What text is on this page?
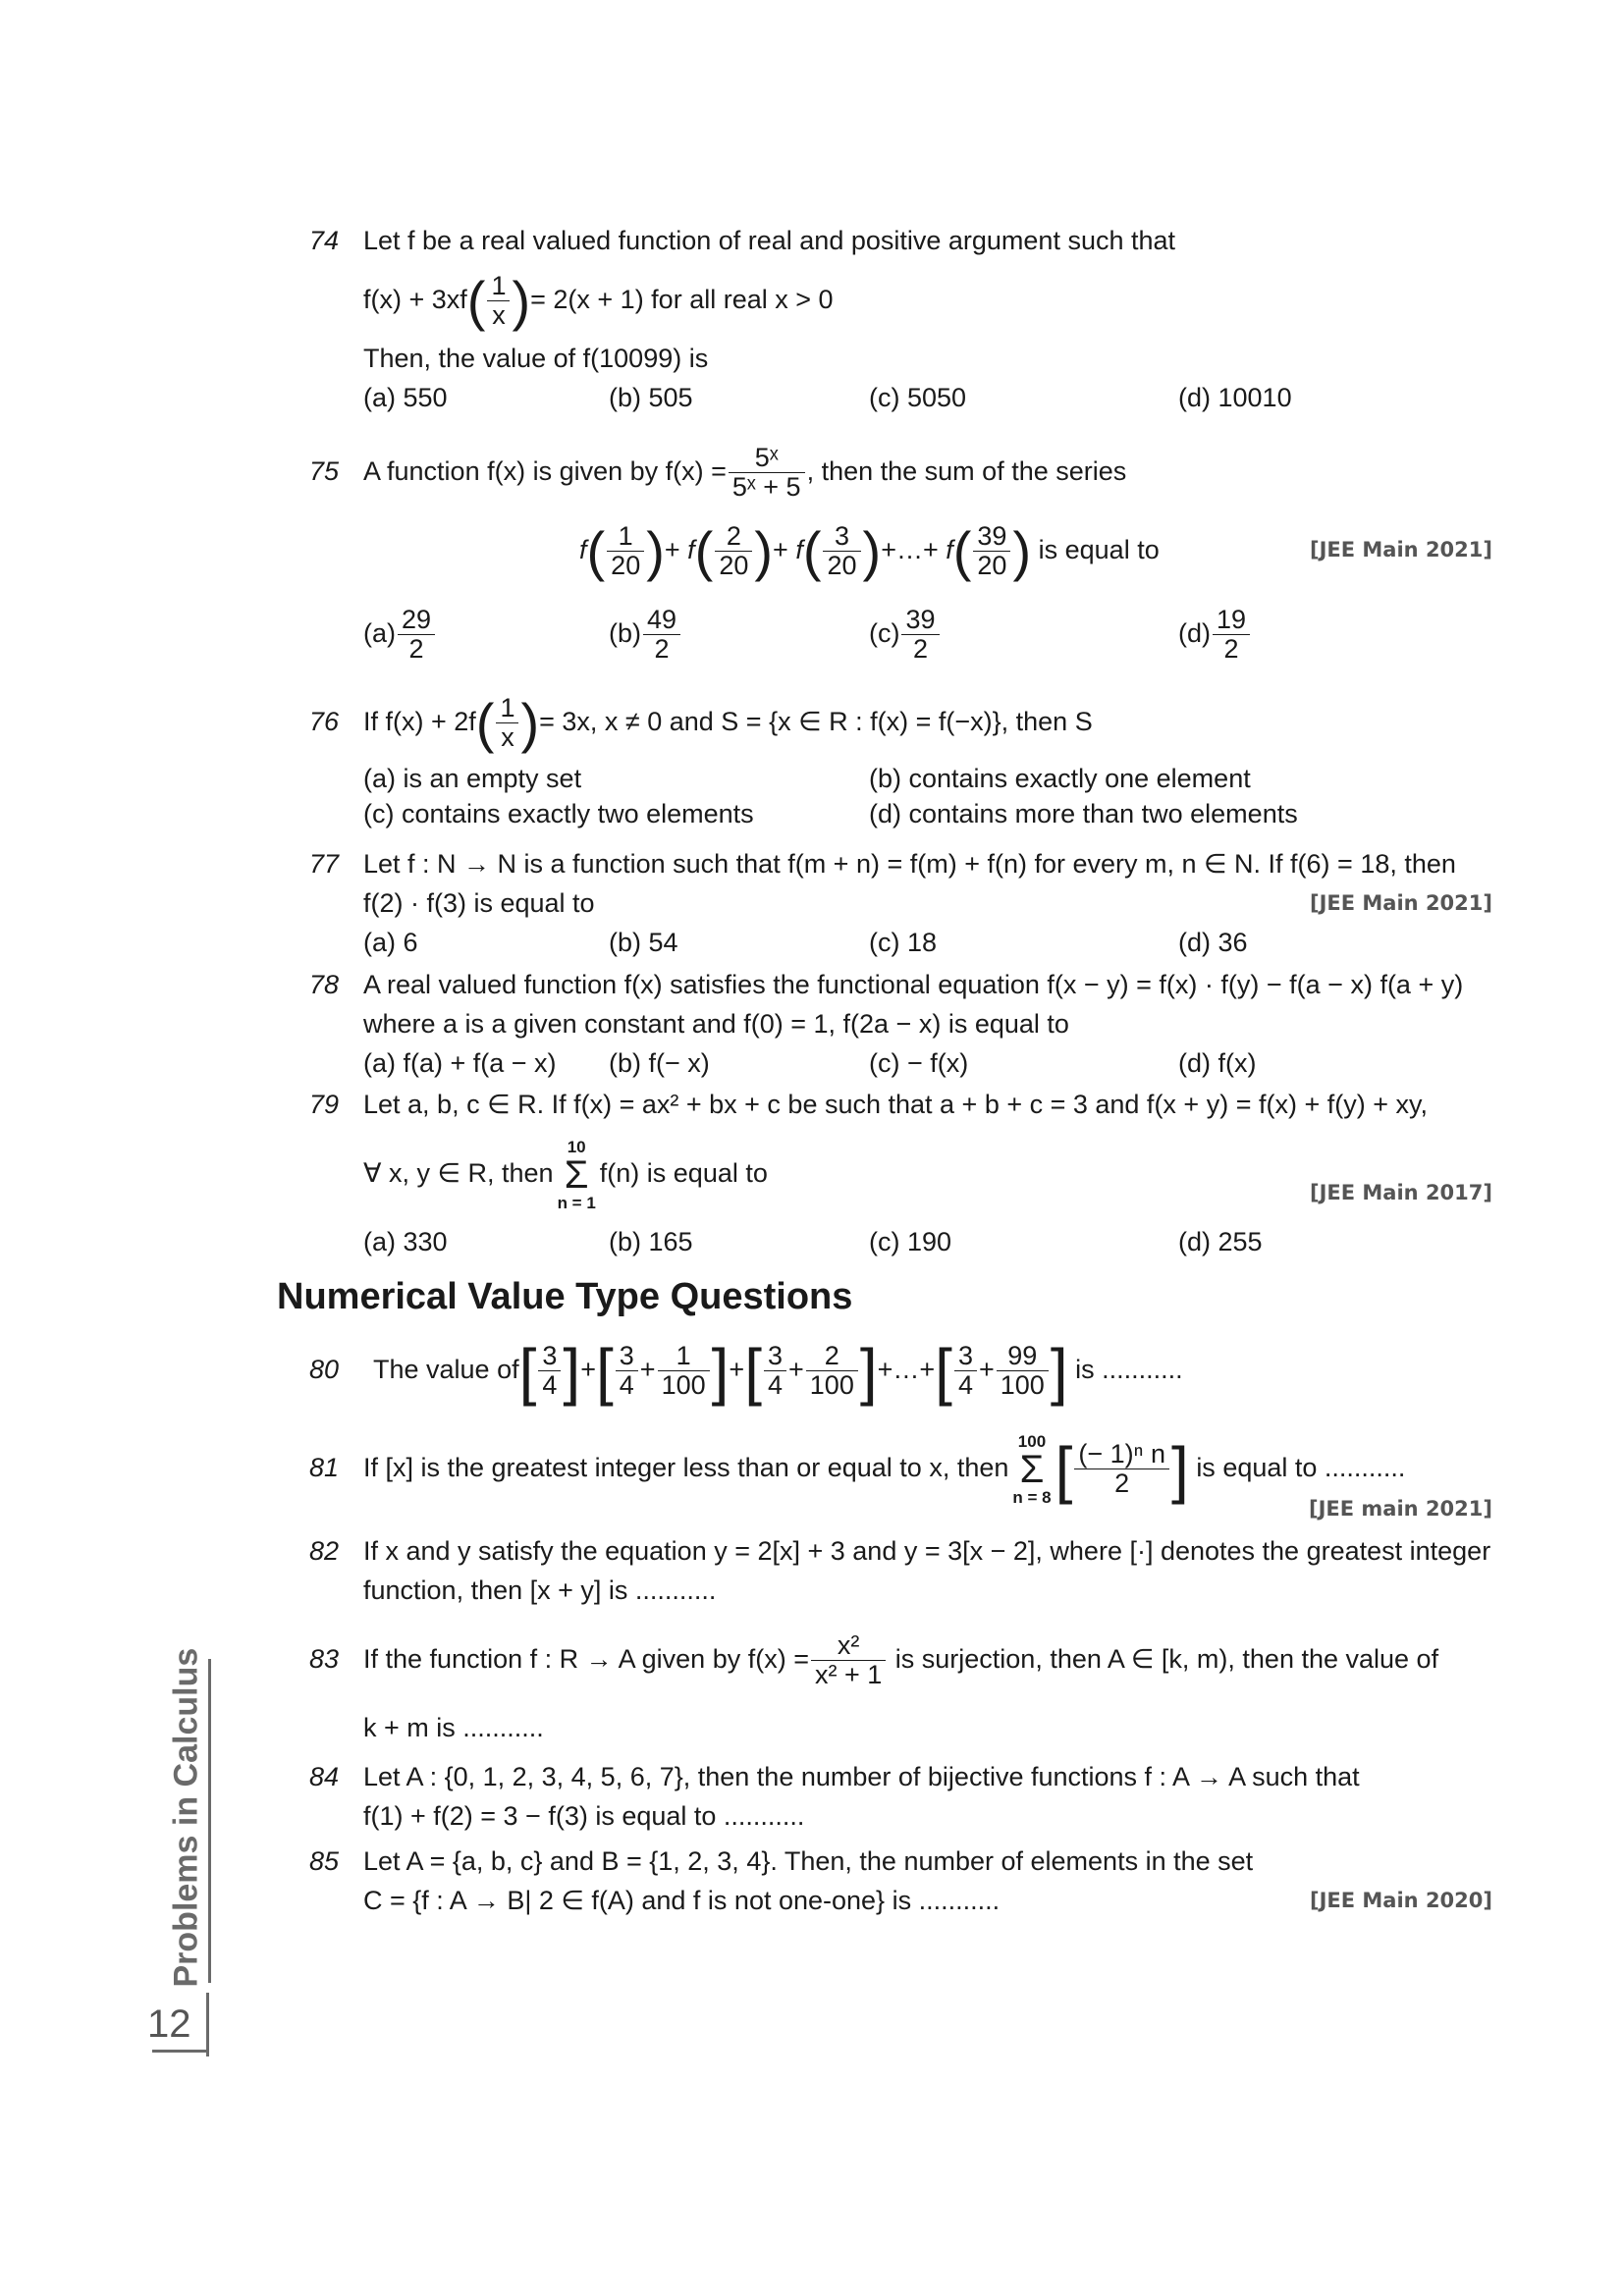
74 Let f be a real valued function of real and positive argument such that
$f(x) + 3xf( \frac{1}{x}$ )= 2(x + 1) for all real x > 0
Then, the value of f(10099) is
(a) 550	(b) 505	(c) 5050	(d) 10010
75 A function f(x) is given by $f(x) = \frac{\text{5ˣ}}{\text{5ˣ + 5}}$ , then the sum of the series
$f( \frac{1}{20}$ )+ $f( \frac{2}{20}$ )+ $f( \frac{3}{20}$ )+…+ $f( \frac{39}{20}$ ) is equal to	[JEE Main 2021]
$(a) \frac{29}{2}$	$(b) \frac{49}{2}$	$(c) \frac{39}{2}$	$(d) \frac{19}{2}$
76 If $f(x) + 2f( \frac{1}{x}$ )= 3x, x ≠ 0 and S = {x ∈ R : f(x) = f(−x)}, then S
(a) is an empty set	(b) contains exactly one element
(c) contains exactly two elements	(d) contains more than two elements
77 Let f : N → N is a function such that f(m + n) = f(m) + f(n) for every m, n ∈ N. If f(6) = 18, then
f(2) · f(3) is equal to	[JEE Main 2021]
(a) 6	(b) 54	(c) 18	(d) 36
78 A real valued function f(x) satisfies the functional equation f(x − y) = f(x) · f(y) − f(a − x) f(a + y)
where a is a given constant and f(0) = 1, f(2a − x) is equal to
(a) f(a) + f(a − x) (b) f(− x)	(c) − f(x)	(d) f(x)
79 Let a, b, c ∈ R. If f(x) = ax² + bx + c be such that a + b + c = 3 and f(x + y) = f(x) + f(y) + xy,
∀ x, y ∈ R, then
10
Σ
n = 1
f(n) is equal to
[JEE Main 2017]
(a) 330	(b) 165	(c) 190	(d) 255
Numerical Value Type Questions
80 The value $of[ \frac{3}{4}$ ]+[ $\frac{3}{4} + \frac{1}{100}$ ]+[ $\frac{3}{4} + \frac{2}{100}$ ]+…+[ $\frac{3}{4} + \frac{99}{100}$ ] is ...........
81 If [x] is the greatest integer less than or equal to x, then
100
Σ
n = 8 [ $\frac{\text{(− 1)ⁿ n}}{2}$ ] is equal to ...........
[JEE main 2021]
82 If x and y satisfy the equation y = 2[x] + 3 and y = 3[x − 2], where [·] denotes the greatest integer
function, then [x + y] is ...........
83 If the function f : R → A given by $f(x) = \frac{\text{x²}}{\text{x² + 1}}$ is surjection, then A ∈ [k, m), then the value of
k + m is ...........
84 Let A : {0, 1, 2, 3, 4, 5, 6, 7}, then the number of bijective functions f : A → A such that
f(1) + f(2) = 3 − f(3) is equal to ...........
85 Let A = {a, b, c} and B = {1, 2, 3, 4}. Then, the number of elements in the set
C = {f : A → B| 2 ∈ f(A) and f is not one-one} is ...........	[JEE Main 2020]
Problems in Calculus
12
